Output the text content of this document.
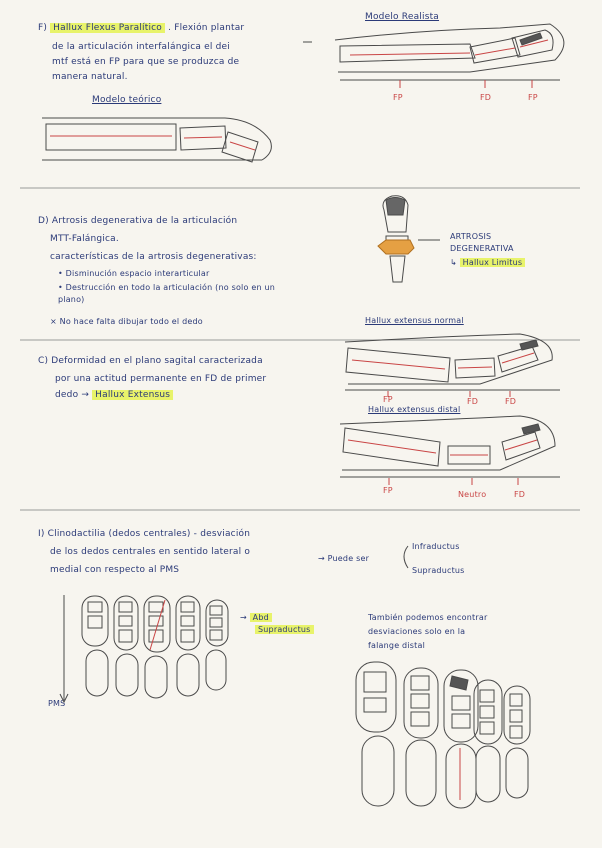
F) Hallux Flexus Paralítico . Flexión plantar
de la articulación interfalángica el dei
mtf está en FP para que se produzca de
manera natural.
Modelo teórico
Modelo Realista
FP	FD	FP
D) Artrosis degenerativa de la articulación
MTT-Falángica.
características de la artrosis degenerativas:
• Disminución espacio interarticular
• Destrucción en todo la articulación (no solo en un plano)
× No hace falta dibujar todo el dedo
ARTROSIS
DEGENERATIVA
↳ Hallux Limitus
C) Deformidad en el plano sagital caracterizada
por una actitud permanente en FD de primer
dedo → Hallux Extensus
Hallux extensus normal
FP	FD	FD
Hallux extensus distal
FP	Neutro	FD
I) Clinodactilia (dedos centrales) - desviación
de los dedos centrales en sentido lateral o
medial con respecto al PMS
→ Puede ser
Infraductus
Supraductus
→ Abd
Supraductus
PMS
También podemos encontrar
desviaciones solo en la
falange distal
